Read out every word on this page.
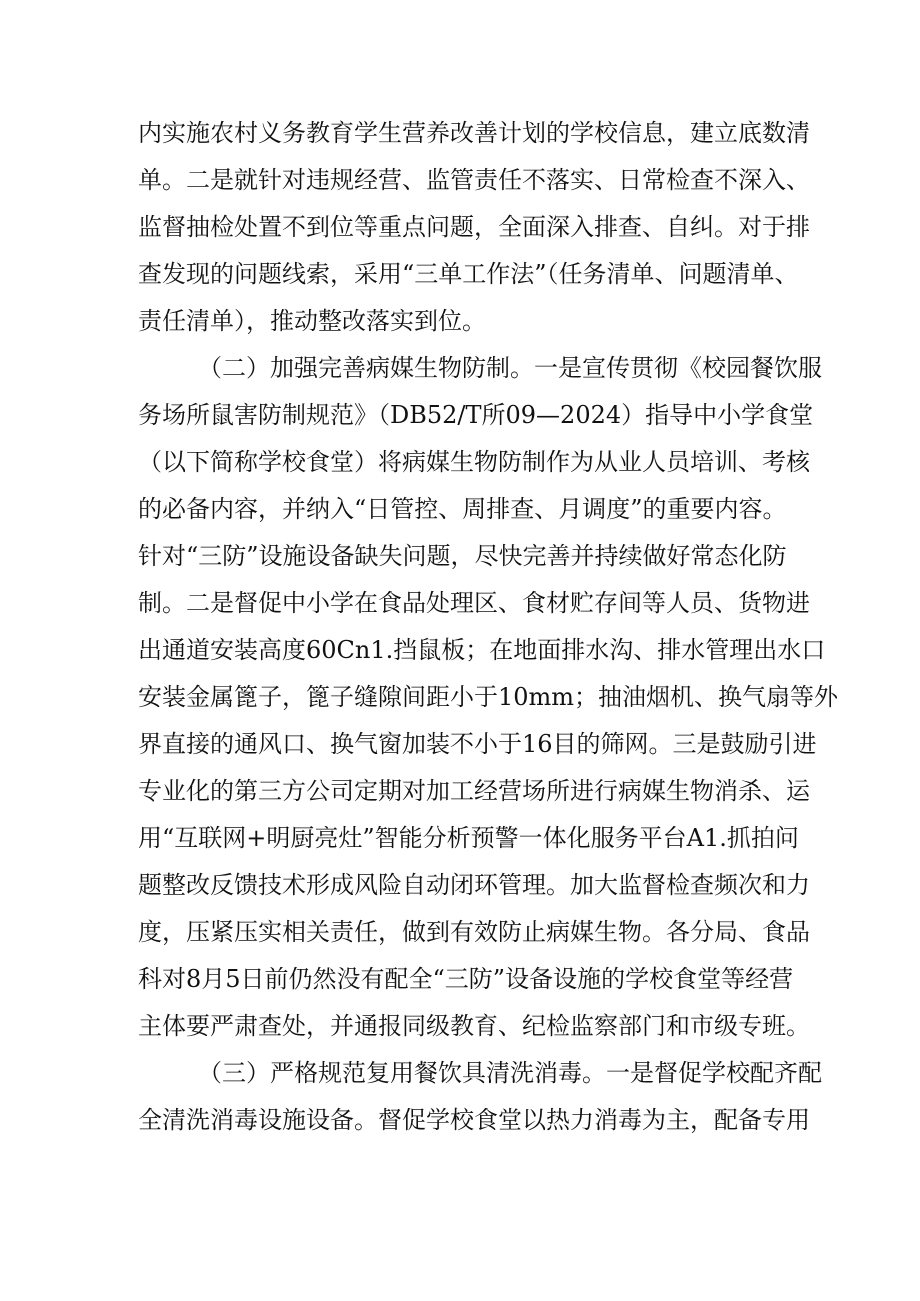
内实施农村义务教育学生营养改善计划的学校信息，建立底数清
单。二是就针对违规经营、监管责任不落实、日常检查不深入、
监督抽检处置不到位等重点问题，全面深入排查、自纠。对于排
查发现的问题线索，采用“三单工作法”（任务清单、问题清单、
责任清单），推动整改落实到位。
（二）加强完善病媒生物防制。一是宣传贯彻《校园餐饮服
务场所鼠害防制规范》（DB52/T所09—2024）指导中小学食堂
（以下简称学校食堂）将病媒生物防制作为从业人员培训、考核
的必备内容，并纳入“日管控、周排查、月调度”的重要内容。
针对“三防”设施设备缺失问题，尽快完善并持续做好常态化防
制。二是督促中小学在食品处理区、食材贮存间等人员、货物进
出通道安装高度60Cn1.挡鼠板；在地面排水沟、排水管理出水口
安装金属篦子，篦子缝隙间距小于10mm；抽油烟机、换气扇等外
界直接的通风口、换气窗加装不小于16目的筛网。三是鼓励引进
专业化的第三方公司定期对加工经营场所进行病媒生物消杀、运
用“互联网+明厨亮灶”智能分析预警一体化服务平台A1.抓拍问
题整改反馈技术形成风险自动闭环管理。加大监督检查频次和力
度，压紧压实相关责任，做到有效防止病媒生物。各分局、食品
科对8月5日前仍然没有配全“三防”设备设施的学校食堂等经营
主体要严肃查处，并通报同级教育、纪检监察部门和市级专班。
（三）严格规范复用餐饮具清洗消毒。一是督促学校配齐配
全清洗消毒设施设备。督促学校食堂以热力消毒为主，配备专用
